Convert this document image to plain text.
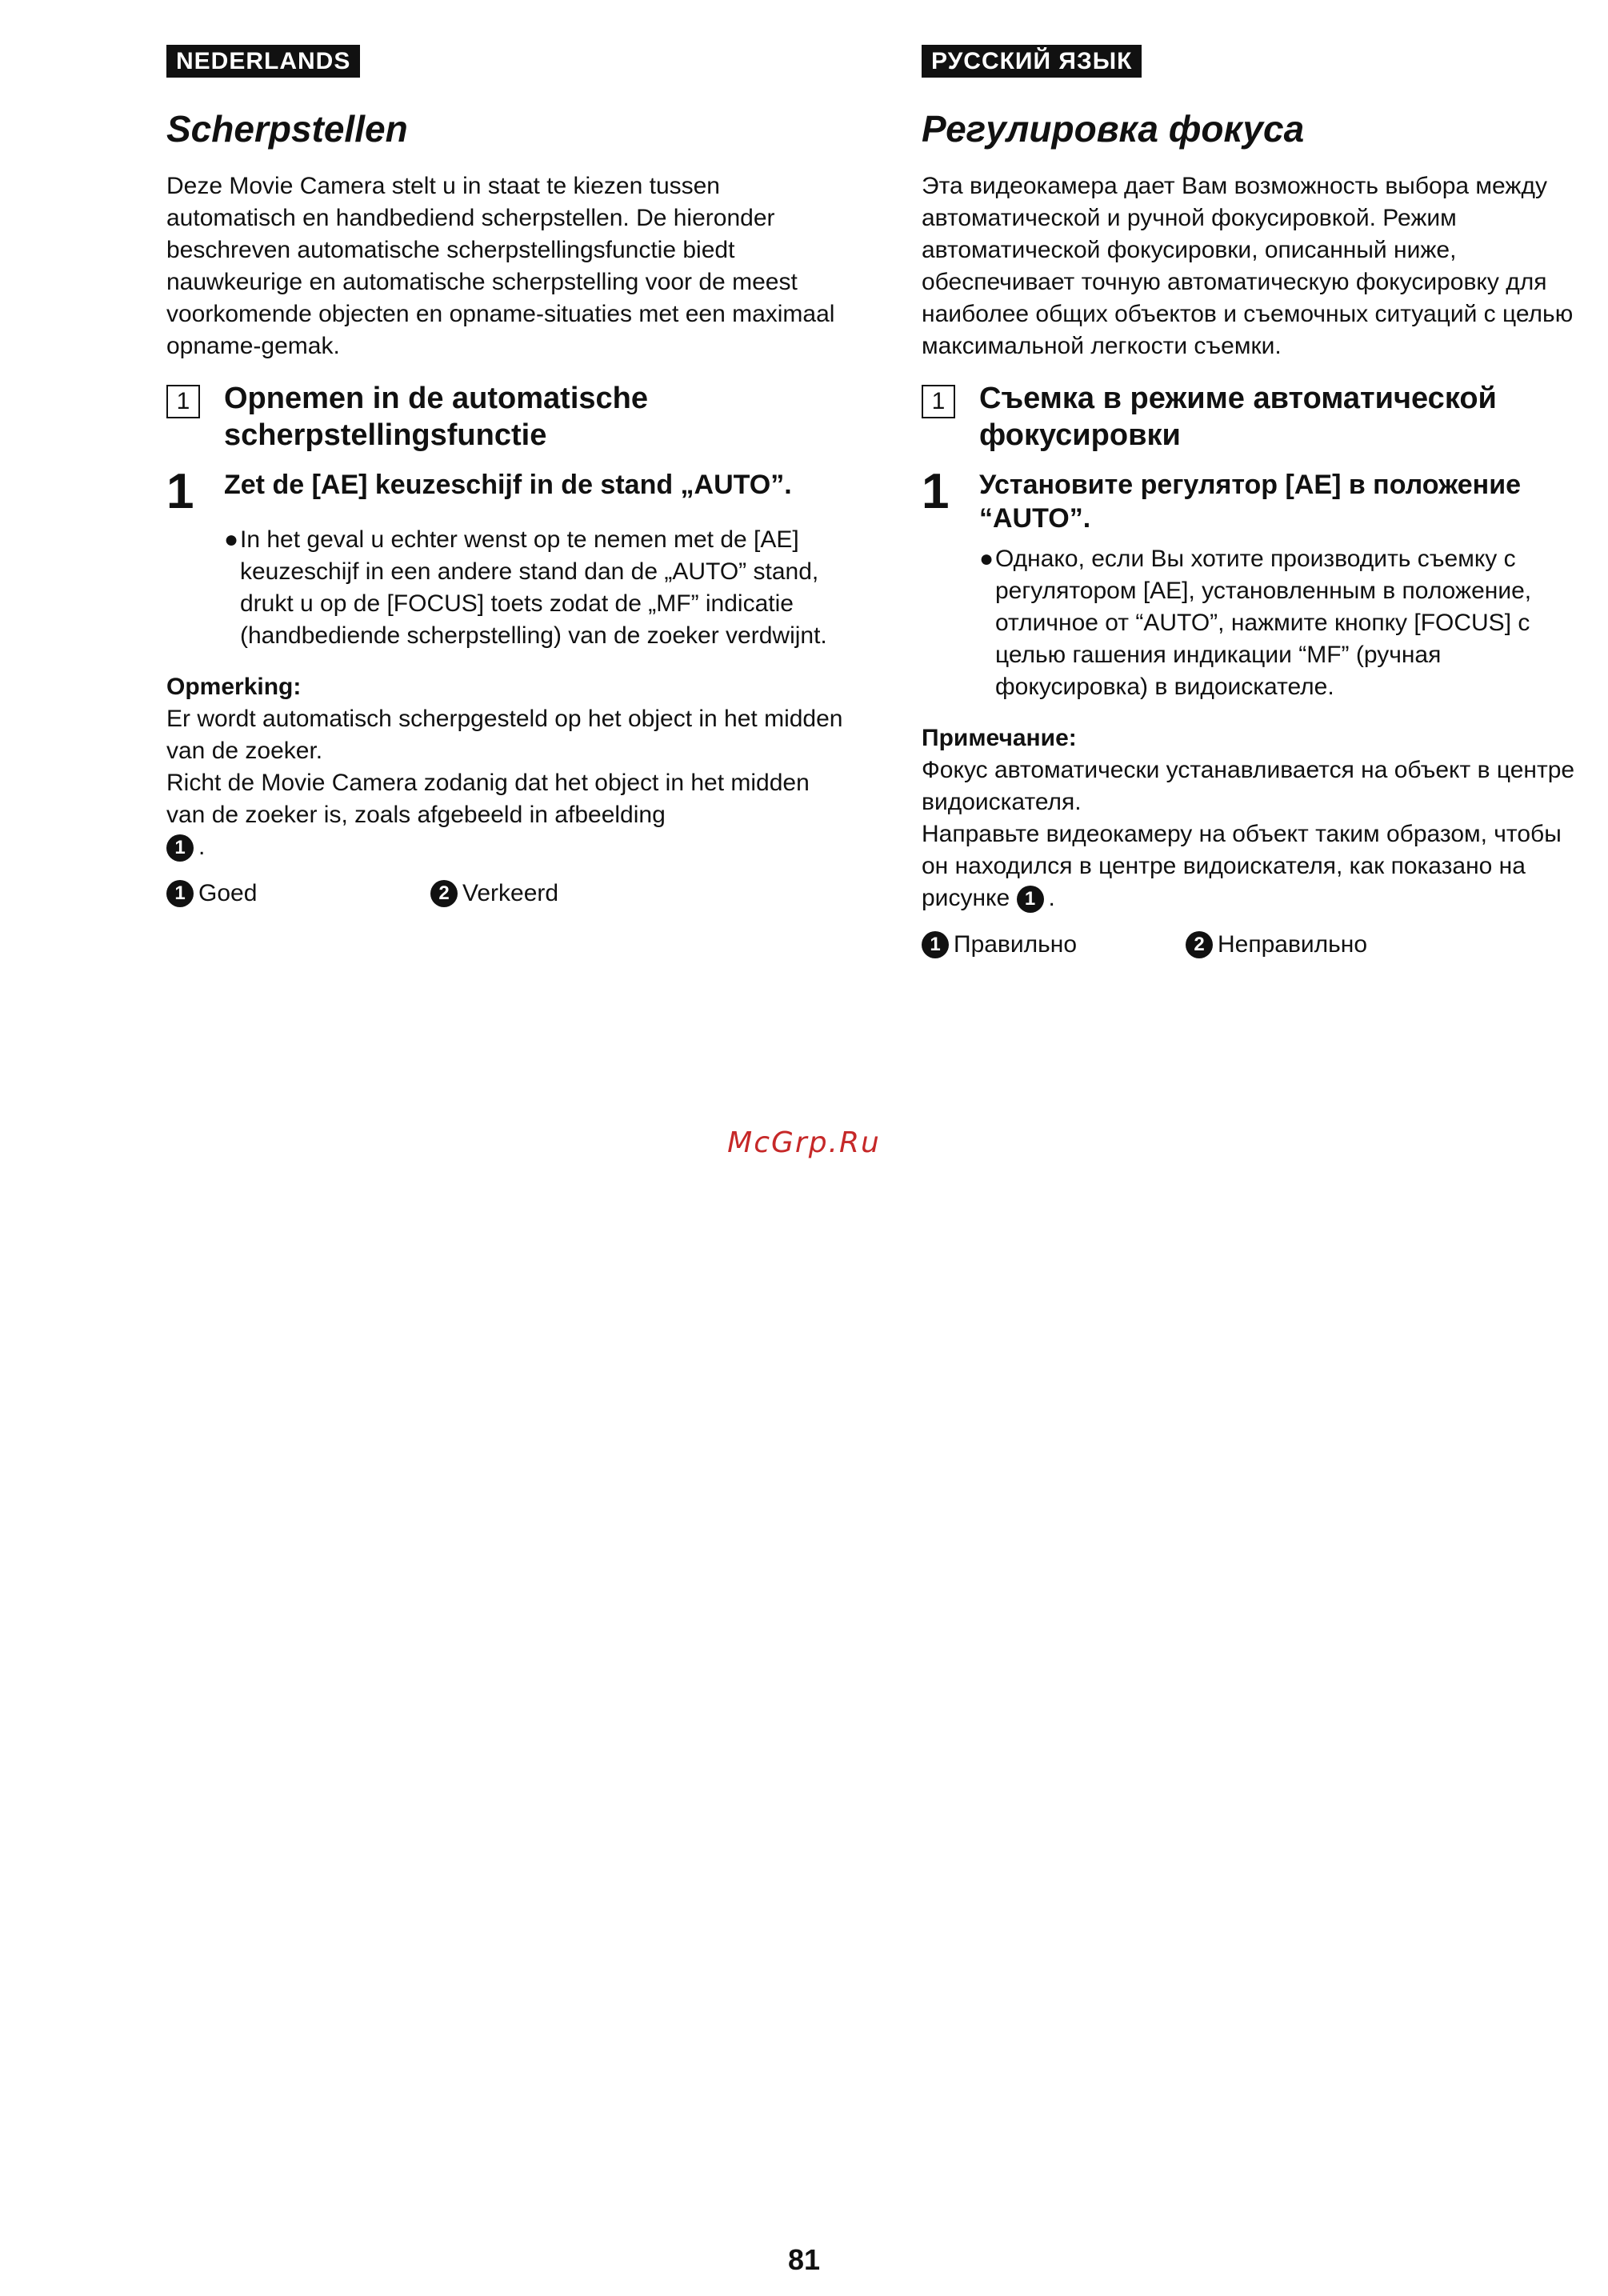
NEDERLANDS
Scherpstellen

Deze Movie Camera stelt u in staat te kiezen tussen automatisch en handbediend scherpstellen. De hieronder beschreven automatische scherpstellingsfunctie biedt nauwkeurige en automatische scherpstelling voor de meest voorkomende objecten en opname-situaties met een maximaal opname-gemak.

1	Opnemen in de automatische scherpstellingsfunctie
1	Zet de [AE] keuzeschijf in de stand „AUTO”.
● In het geval u echter wenst op te nemen met de [AE] keuzeschijf in een andere stand dan de „AUTO” stand, drukt u op de [FOCUS] toets zodat de „MF” indicatie (handbediende scherpstelling) van de zoeker verdwijnt.
Opmerking:

Er wordt automatisch scherpgesteld op het object in het midden van de zoeker.

Richt de Movie Camera zodanig dat het object in het midden van de zoeker is, zoals afgebeeld in afbeelding
1 .

1 Goed	2 Verkeerd
РУССКИЙ ЯЗЫК
Регулировка фокуса

Эта видеокамера дает Вам возможность выбора между автоматической и ручной фокусировкой. Режим автоматической фокусировки, описанный ниже, обеспечивает точную автоматическую фокусировку для наиболее общих объектов и съемочных ситуаций с целью максимальной легкости съемки.

1	Съемка в режиме автоматической фокусировки
1	Установите регулятор [AE] в положение “AUTO”.
● Однако, если Вы хотите производить съемку с регулятором [AE], установленным в положение, отличное от “AUTO”, нажмите кнопку [FOCUS] с целью гашения индикации “MF” (ручная фокусировка) в видоискателе.
Примечание:

Фокус автоматически устанавливается на объект в центре видоискателя.

Направьте видеокамеру на объект таким образом, чтобы он находился в центре видоискателя, как показано на рисунке 1 .

1 Правильно	2 Неправильно
McGrp.Ru
81
